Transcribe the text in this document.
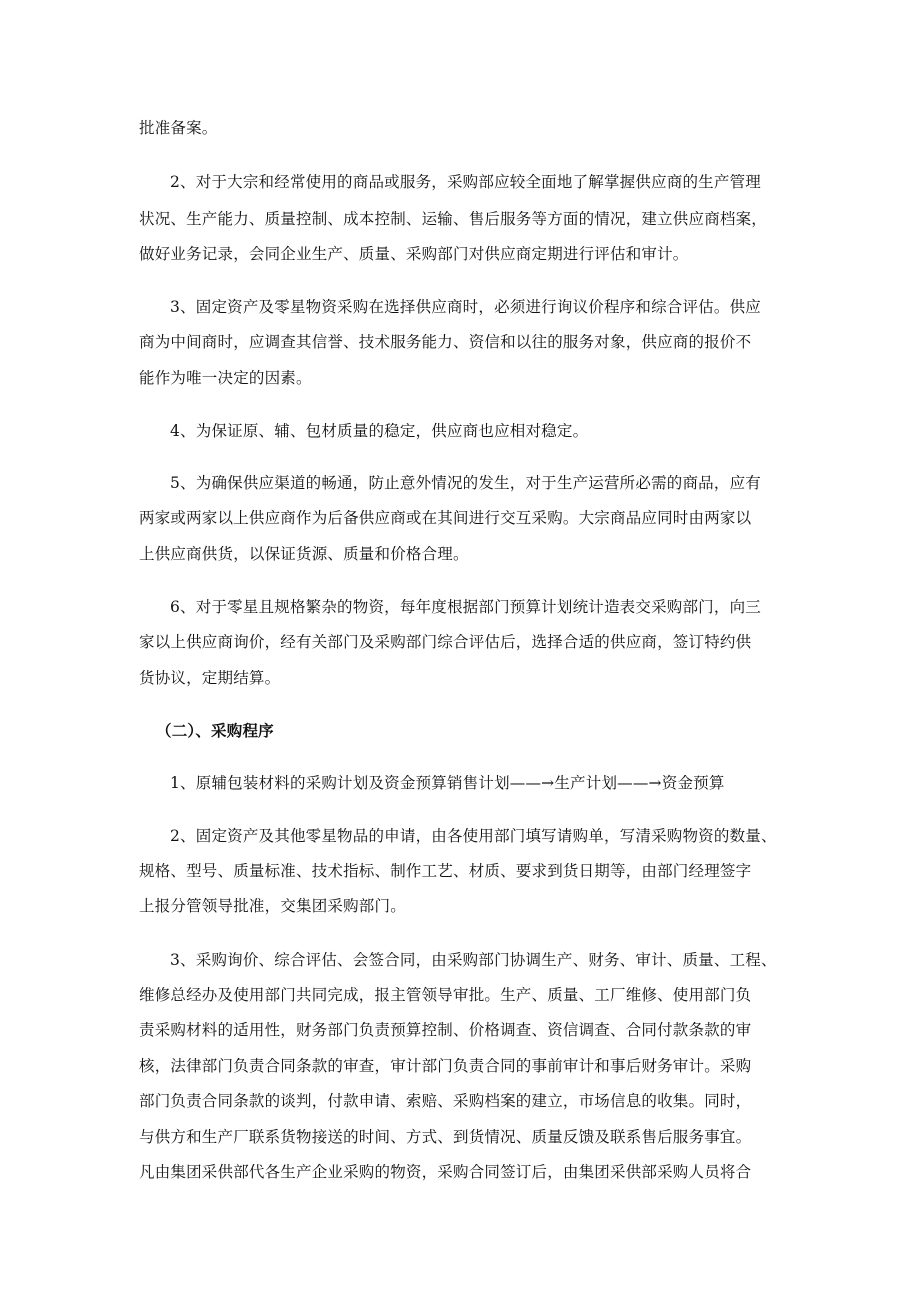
批准备案。
2、对于大宗和经常使用的商品或服务，采购部应较全面地了解掌握供应商的生产管理
状况、生产能力、质量控制、成本控制、运输、售后服务等方面的情况，建立供应商档案，
做好业务记录，会同企业生产、质量、采购部门对供应商定期进行评估和审计。
3、固定资产及零星物资采购在选择供应商时，必须进行询议价程序和综合评估。供应
商为中间商时，应调查其信誉、技术服务能力、资信和以往的服务对象，供应商的报价不
能作为唯一决定的因素。
4、为保证原、辅、包材质量的稳定，供应商也应相对稳定。
5、为确保供应渠道的畅通，防止意外情况的发生，对于生产运营所必需的商品，应有
两家或两家以上供应商作为后备供应商或在其间进行交互采购。大宗商品应同时由两家以
上供应商供货，以保证货源、质量和价格合理。
6、对于零星且规格繁杂的物资，每年度根据部门预算计划统计造表交采购部门，向三
家以上供应商询价，经有关部门及采购部门综合评估后，选择合适的供应商，签订特约供
货协议，定期结算。
（二）、采购程序
1、原辅包装材料的采购计划及资金预算销售计划——→生产计划——→资金预算
2、固定资产及其他零星物品的申请，由各使用部门填写请购单，写清采购物资的数量、
规格、型号、质量标准、技术指标、制作工艺、材质、要求到货日期等，由部门经理签字
上报分管领导批准，交集团采购部门。
3、采购询价、综合评估、会签合同，由采购部门协调生产、财务、审计、质量、工程、
维修总经办及使用部门共同完成，报主管领导审批。生产、质量、工厂维修、使用部门负
责采购材料的适用性，财务部门负责预算控制、价格调查、资信调查、合同付款条款的审
核，法律部门负责合同条款的审查，审计部门负责合同的事前审计和事后财务审计。采购
部门负责合同条款的谈判，付款申请、索赔、采购档案的建立，市场信息的收集。同时，
与供方和生产厂联系货物接送的时间、方式、到货情况、质量反馈及联系售后服务事宜。
凡由集团采供部代各生产企业采购的物资，采购合同签订后，由集团采供部采购人员将合
